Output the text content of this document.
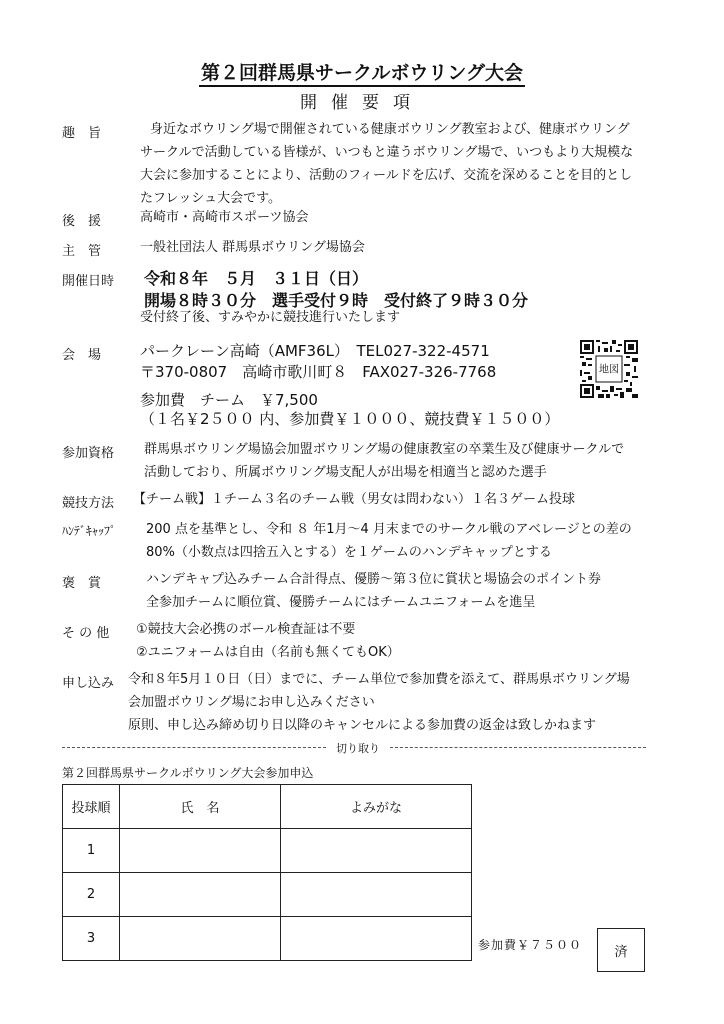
第２回群馬県サークルボウリング大会
開催要項
趣　旨	身近なボウリング場で開催されている健康ボウリング教室および、健康ボウリング
サークルで活動している皆様が、いつもと違うボウリング場で、いつもより大規模な
大会に参加することにより、活動のフィールドを広げ、交流を深めることを目的とし
たフレッシュ大会です。
後　援	高崎市・高崎市スポーツ協会
主　管	一般社団法人 群馬県ボウリング場協会
開催日時 令和８年　５月　３１日（日）
開場８時３０分　選手受付９時　受付終了９時３０分
受付終了後、すみやかに競技進行いたします
会　場	パークレーン高崎（AMF36L）　TEL027-322-4571
〒370-0807　高崎市歌川町８　FAX027-326-7768
参加費　チーム　￥7,500
（１名￥2５００ 内、参加費￥１０００、競技費￥１５００）
地図
参加資格	群馬県ボウリング場協会加盟ボウリング場の健康教室の卒業生及び健康サークルで
活動しており、所属ボウリング場支配人が出場を相適当と認めた選手
競技方法 【チーム戦】１チーム３名のチーム戦（男女は問わない）１名３ゲーム投球
ﾊﾝﾃﾞｷｬｯﾌﾟ	200 点を基準とし、令和 ８ 年1月～4 月末までのサークル戦のアベレージとの差の
80%（小数点は四捨五入とする）を１ゲームのハンデキャップとする
褒　賞	ハンデキャプ込みチーム合計得点、優勝～第３位に賞状と場協会のポイント券
全参加チームに順位賞、優勝チームにはチームユニフォームを進呈
そ の 他 ①競技大会必携のボール検査証は不要
②ユニフォームは自由（名前も無くてもOK）
申し込み 令和８年5月１０日（日）までに、チーム単位で参加費を添えて、群馬県ボウリング場
会加盟ボウリング場にお申し込みください
原則、申し込み締め切り日以降のキャンセルによる参加費の返金は致しかねます
切り取り
第２回群馬県サークルボウリング大会参加申込
投球順	氏　名	よみがな
1		
2		
3			参加費￥７５００ 済
